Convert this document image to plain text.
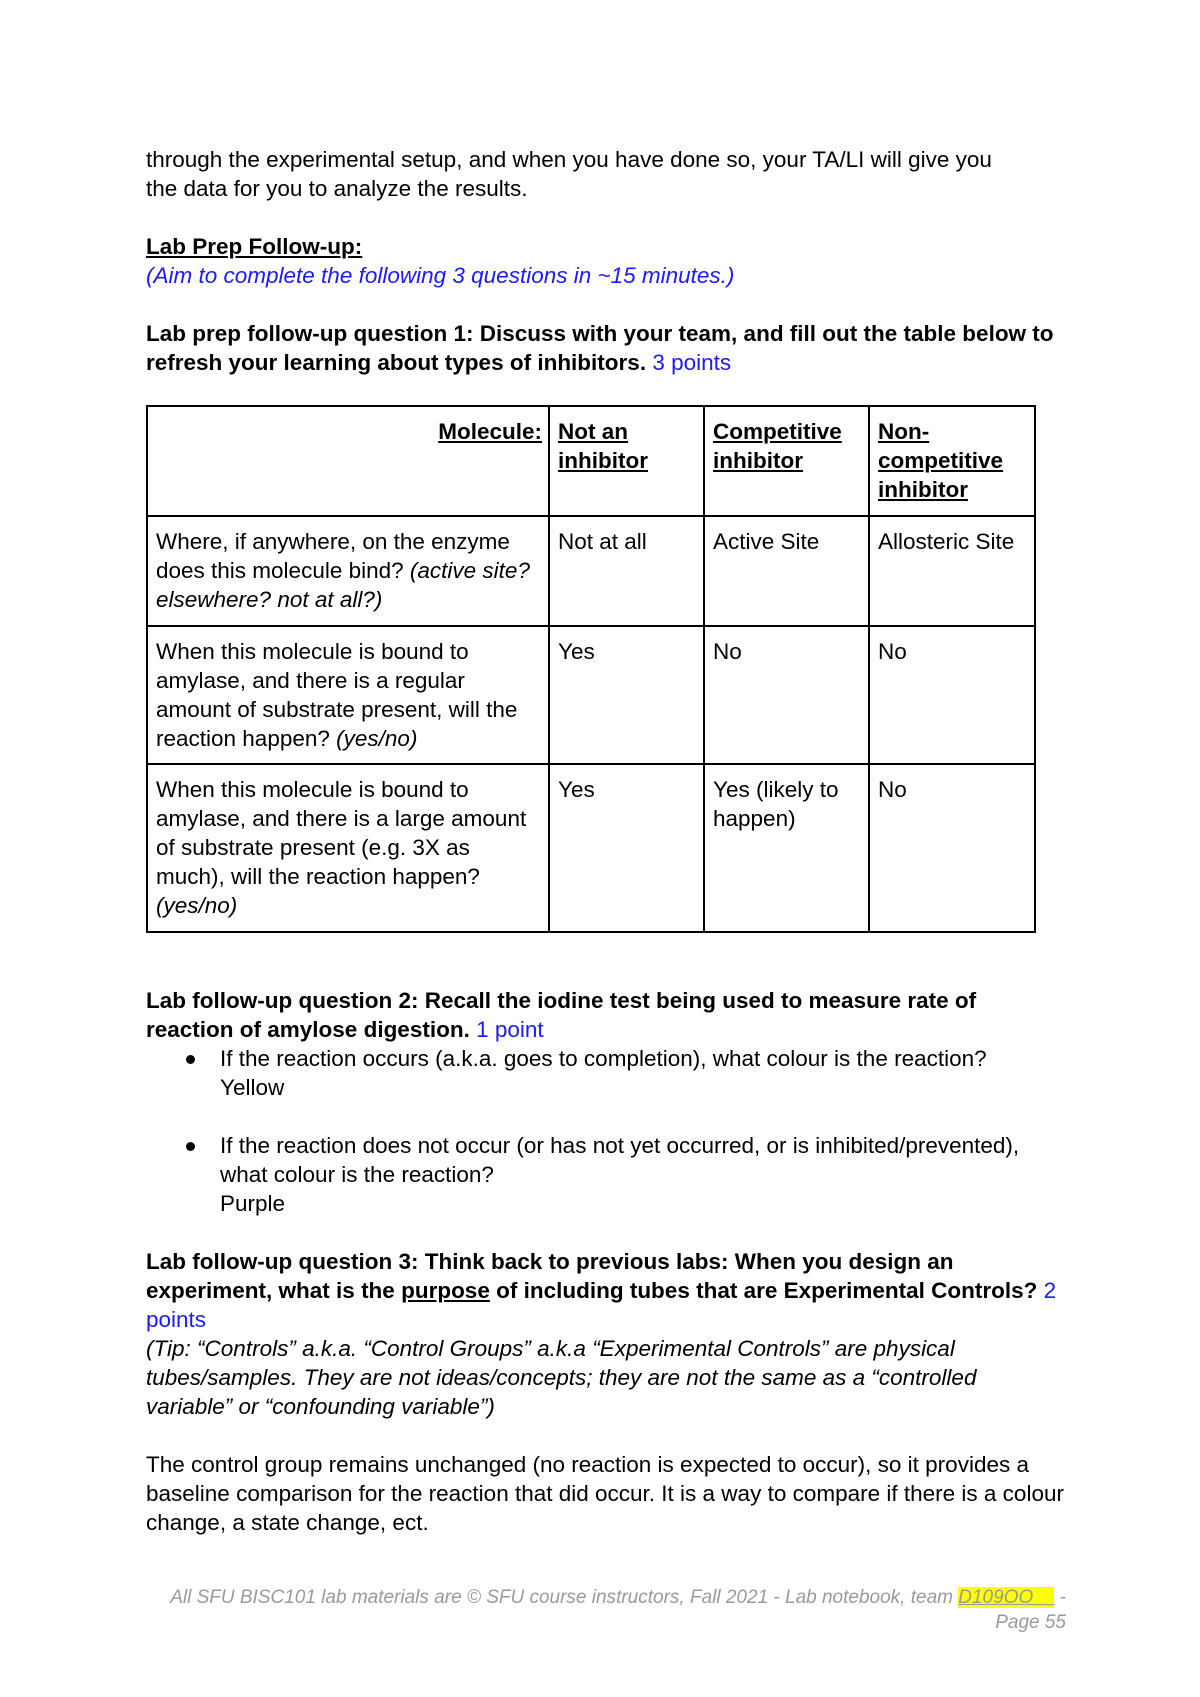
through the experimental setup, and when you have done so, your TA/LI will give you
the data for you to analyze the results.

Lab Prep Follow-up:

(Aim to complete the following 3 questions in ~15 minutes.)

Lab prep follow-up question 1: Discuss with your team, and fill out the table below to refresh your learning about types of inhibitors. 3 points

Molecule:	Not an inhibitor	Competitive inhibitor	Non-competitive inhibitor
Where, if anywhere, on the enzyme does this molecule bind? (active site? elsewhere? not at all?)	Not at all	Active Site	Allosteric Site
When this molecule is bound to amylase, and there is a regular amount of substrate present, will the reaction happen? (yes/no)	Yes	No	No
When this molecule is bound to amylase, and there is a large amount of substrate present (e.g. 3X as much), will the reaction happen? (yes/no)	Yes	Yes (likely to happen)	No

Lab follow-up question 2: Recall the iodine test being used to measure rate of reaction of amylose digestion. 1 point

If the reaction occurs (a.k.a. goes to completion), what colour is the reaction?
Yellow
If the reaction does not occur (or has not yet occurred, or is inhibited/prevented), what colour is the reaction?
Purple

Lab follow-up question 3: Think back to previous labs: When you design an experiment, what is the purpose of including tubes that are Experimental Controls? 2 points

(Tip: “Controls” a.k.a. “Control Groups” a.k.a “Experimental Controls” are physical tubes/samples. They are not ideas/concepts; they are not the same as a “controlled variable” or “confounding variable”)

The control group remains unchanged (no reaction is expected to occur), so it provides a baseline comparison for the reaction that did occur. It is a way to compare if there is a colour change, a state change, ect.

All SFU BISC101 lab materials are © SFU course instructors, Fall 2021 - Lab notebook, team D109OO__ - Page 55
